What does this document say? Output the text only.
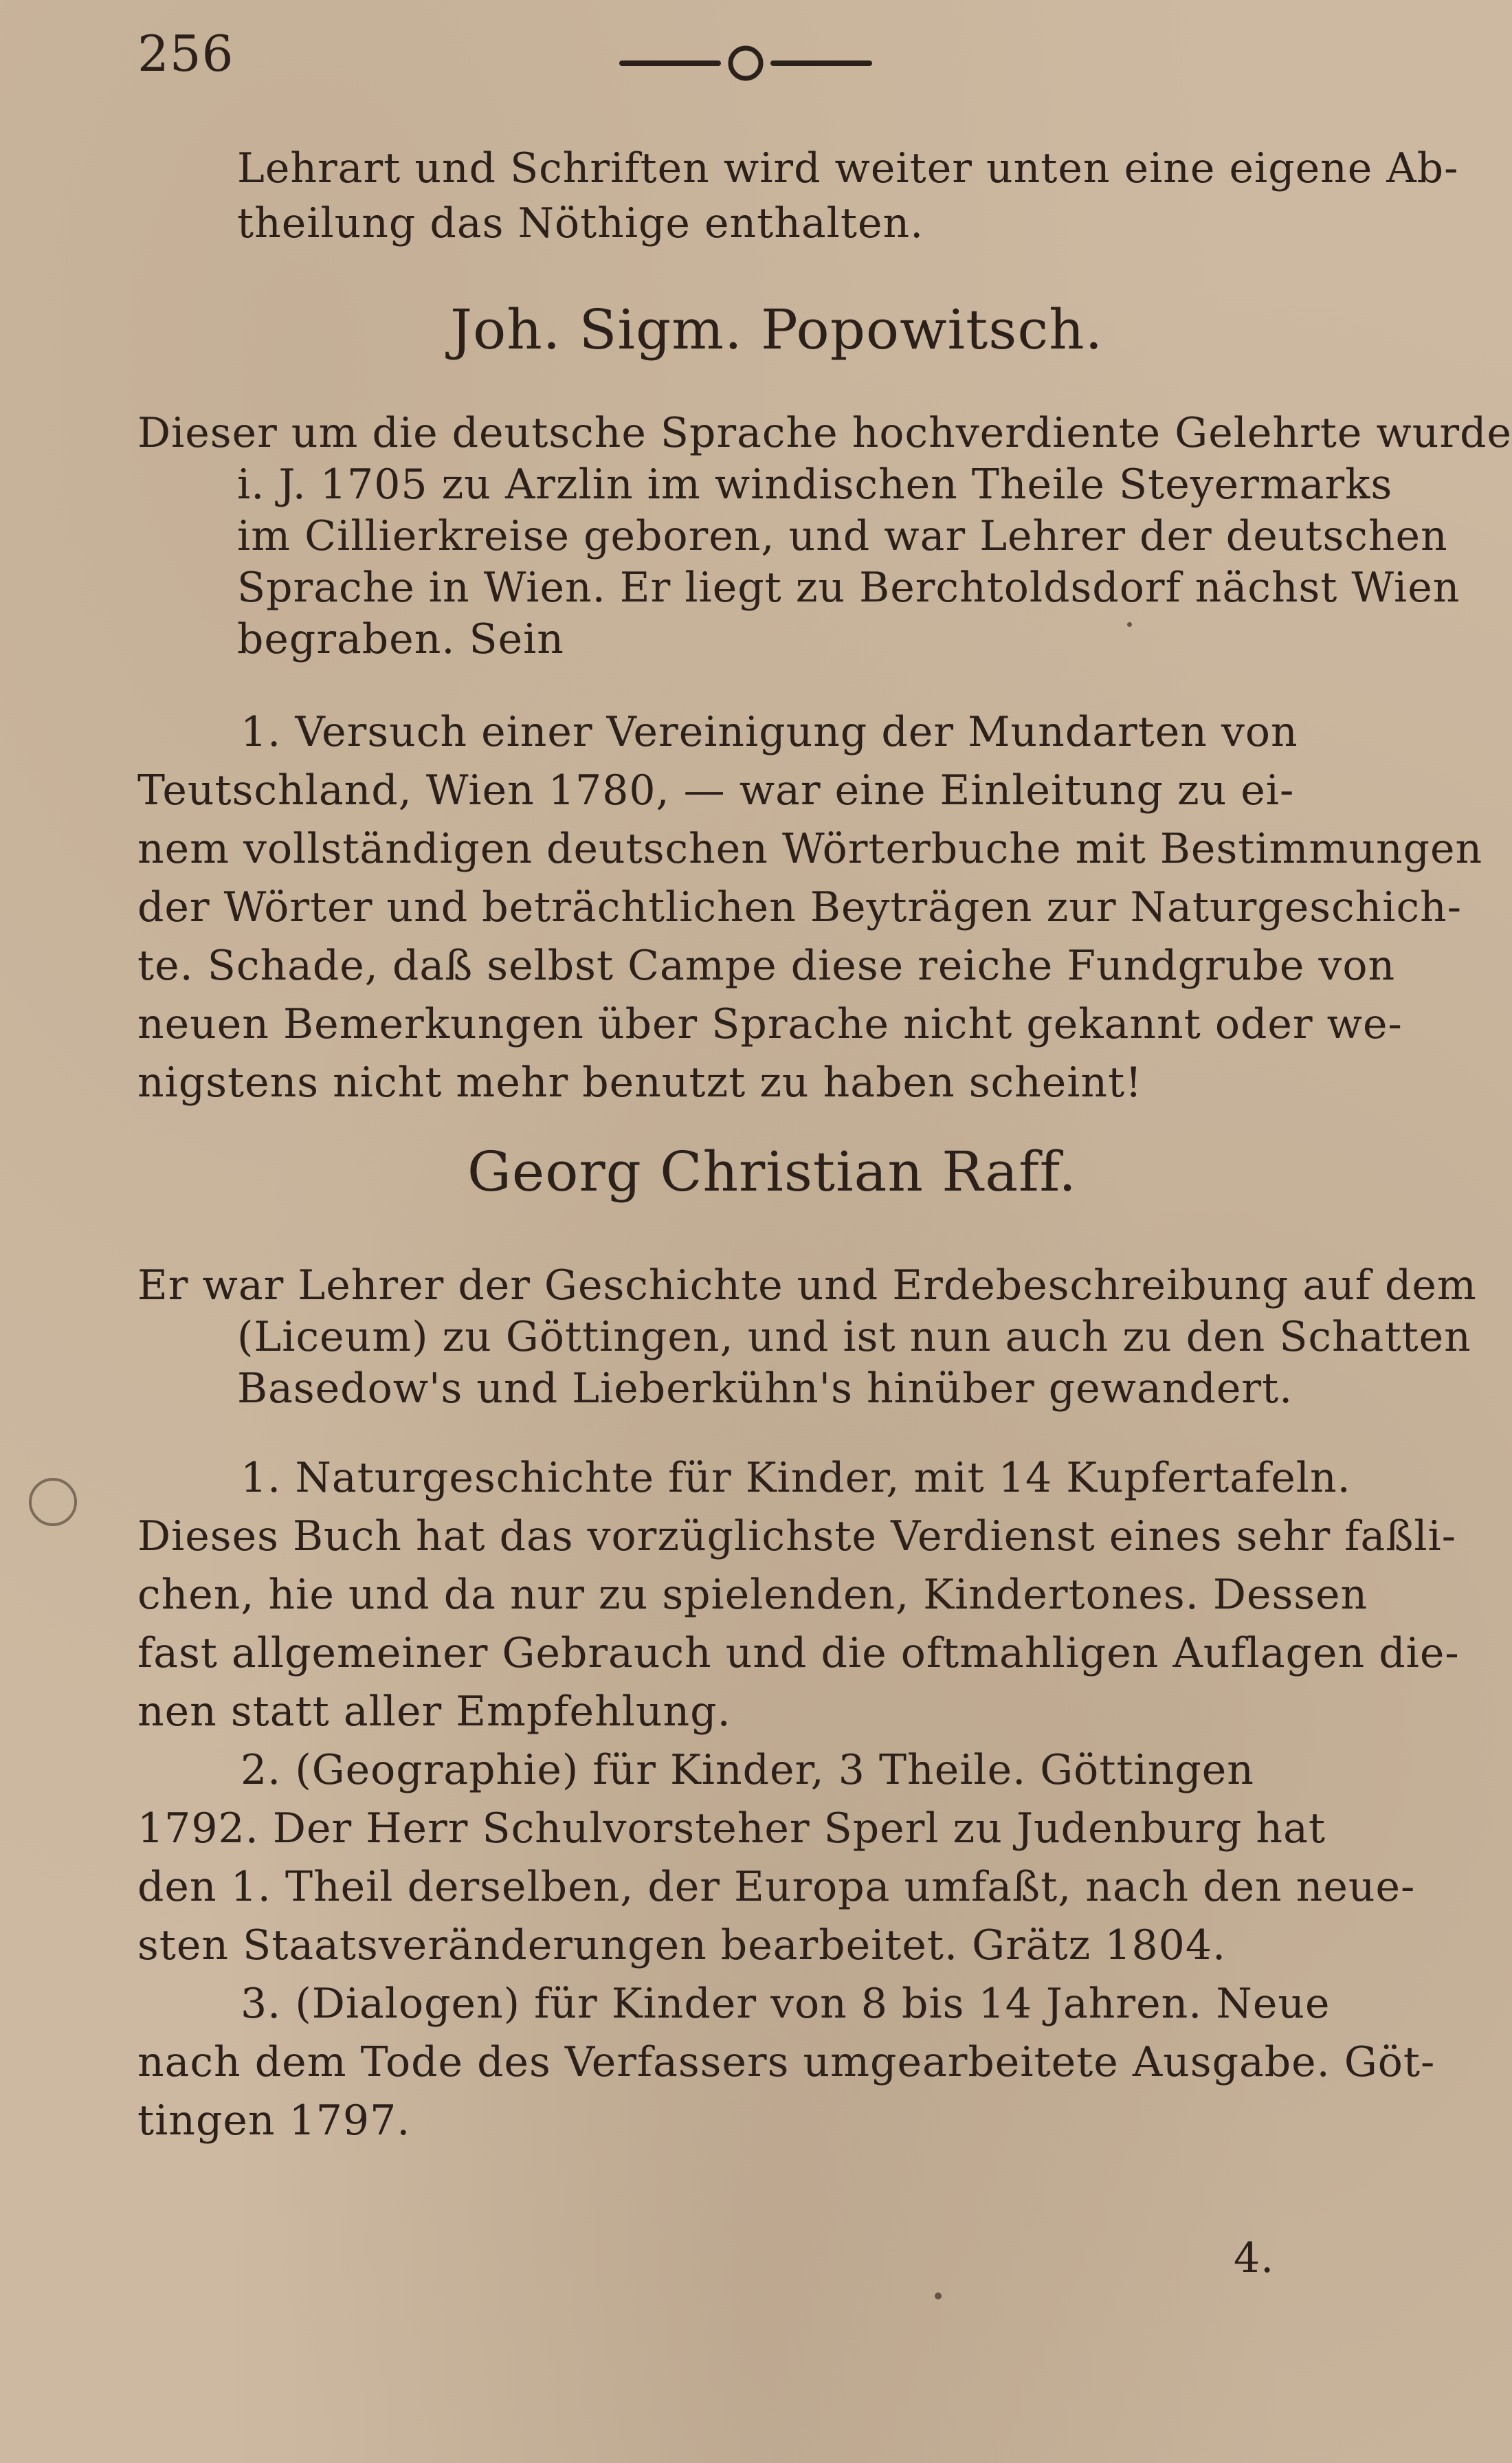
256
Lehrart und Schriften wird weiter unten eine eigene Ab-
theilung das Nöthige enthalten.
Joh. Sigm. Popowitsch.
Dieser um die deutsche Sprache hochverdiente Gelehrte wurde
i. J. 1705 zu Arzlin im windischen Theile Steyermarks
im Cillierkreise geboren, und war Lehrer der deutschen
Sprache in Wien. Er liegt zu Berchtoldsdorf nächst Wien
begraben. Sein
1. Versuch einer Vereinigung der Mundarten von
Teutschland, Wien 1780, — war eine Einleitung zu ei-
nem vollständigen deutschen Wörterbuche mit Bestimmungen
der Wörter und beträchtlichen Beyträgen zur Naturgeschich-
te. Schade, daß selbst Campe diese reiche Fundgrube von
neuen Bemerkungen über Sprache nicht gekannt oder we-
nigstens nicht mehr benutzt zu haben scheint!
Georg Christian Raff.
Er war Lehrer der Geschichte und Erdebeschreibung auf dem
(Liceum) zu Göttingen, und ist nun auch zu den Schatten
Basedow's und Lieberkühn's hinüber gewandert.
1. Naturgeschichte für Kinder, mit 14 Kupfertafeln.
Dieses Buch hat das vorzüglichste Verdienst eines sehr faßli-
chen, hie und da nur zu spielenden, Kindertones. Dessen
fast allgemeiner Gebrauch und die oftmahligen Auflagen die-
nen statt aller Empfehlung.
2. (Geographie) für Kinder, 3 Theile. Göttingen
1792. Der Herr Schulvorsteher Sperl zu Judenburg hat
den 1. Theil derselben, der Europa umfaßt, nach den neue-
sten Staatsveränderungen bearbeitet. Grätz 1804.
3. (Dialogen) für Kinder von 8 bis 14 Jahren. Neue
nach dem Tode des Verfassers umgearbeitete Ausgabe. Göt-
tingen 1797.
4.
